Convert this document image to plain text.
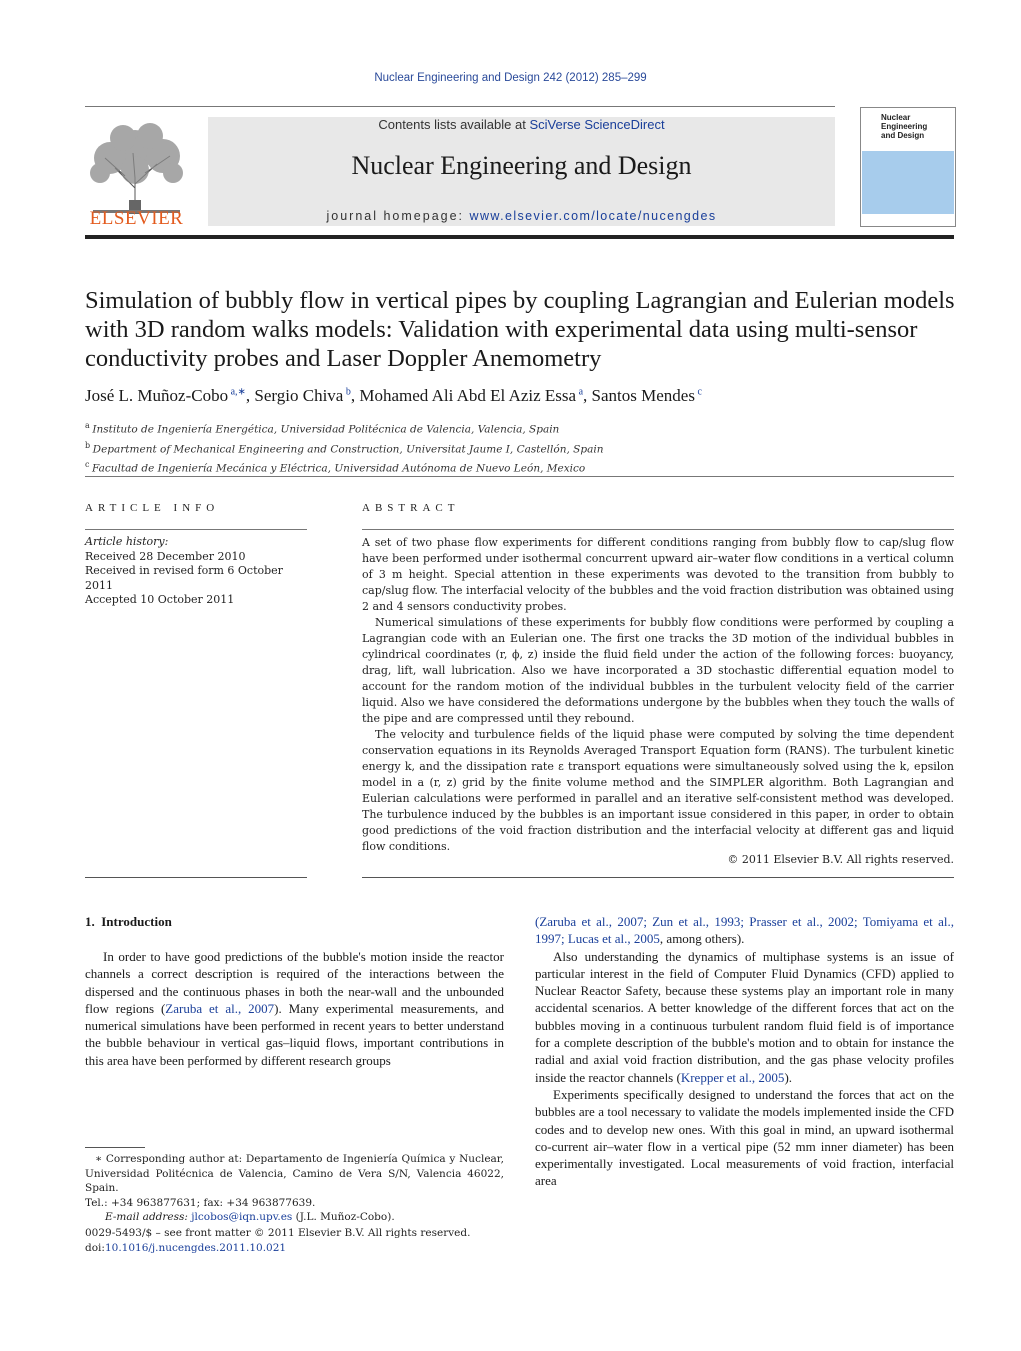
Nuclear Engineering and Design 242 (2012) 285–299
ELSEVIER
Contents lists available at SciVerse ScienceDirect
Nuclear Engineering and Design
journal homepage: www.elsevier.com/locate/nucengdes
Nuclear Engineering and Design
Simulation of bubbly flow in vertical pipes by coupling Lagrangian and Eulerian models with 3D random walks models: Validation with experimental data using multi-sensor conductivity probes and Laser Doppler Anemometry
José L. Muñoz-Cobo $^{a,∗}$, Sergio Chiva $^b$, Mohamed Ali Abd El Aziz Essa $^a$, Santos Mendes $^c$
$^a$ Instituto de Ingeniería Energética, Universidad Politécnica de Valencia, Valencia, Spain
$^b$ Department of Mechanical Engineering and Construction, Universitat Jaume I, Castellón, Spain
$^c$ Facultad de Ingeniería Mecánica y Eléctrica, Universidad Autónoma de Nuevo León, Mexico
ARTICLE INFO
Article history:
Received 28 December 2010
Received in revised form 6 October 2011
Accepted 10 October 2011
ABSTRACT

A set of two phase flow experiments for different conditions ranging from bubbly flow to cap/slug flow have been performed under isothermal concurrent upward air–water flow conditions in a vertical column of 3 m height. Special attention in these experiments was devoted to the transition from bubbly to cap/slug flow. The interfacial velocity of the bubbles and the void fraction distribution was obtained using 2 and 4 sensors conductivity probes.

Numerical simulations of these experiments for bubbly flow conditions were performed by coupling a Lagrangian code with an Eulerian one. The first one tracks the 3D motion of the individual bubbles in cylindrical coordinates (r, ϕ, z) inside the fluid field under the action of the following forces: buoyancy, drag, lift, wall lubrication. Also we have incorporated a 3D stochastic differential equation model to account for the random motion of the individual bubbles in the turbulent velocity field of the carrier liquid. Also we have considered the deformations undergone by the bubbles when they touch the walls of the pipe and are compressed until they rebound.

The velocity and turbulence fields of the liquid phase were computed by solving the time dependent conservation equations in its Reynolds Averaged Transport Equation form (RANS). The turbulent kinetic energy k, and the dissipation rate ε transport equations were simultaneously solved using the k, epsilon model in a (r, z) grid by the finite volume method and the SIMPLER algorithm. Both Lagrangian and Eulerian calculations were performed in parallel and an iterative self-consistent method was developed. The turbulence induced by the bubbles is an important issue considered in this paper, in order to obtain good predictions of the void fraction distribution and the interfacial velocity at different gas and liquid flow conditions.

© 2011 Elsevier B.V. All rights reserved.
1. Introduction

In order to have good predictions of the bubble's motion inside the reactor channels a correct description is required of the interactions between the dispersed and the continuous phases in both the near-wall and the unbounded flow regions (Zaruba et al., 2007). Many experimental measurements, and numerical simulations have been performed in recent years to better understand the bubble behaviour in vertical gas–liquid flows, important contributions in this area have been performed by different research groups

(Zaruba et al., 2007; Zun et al., 1993; Prasser et al., 2002; Tomiyama et al., 1997; Lucas et al., 2005, among others).

Also understanding the dynamics of multiphase systems is an issue of particular interest in the field of Computer Fluid Dynamics (CFD) applied to Nuclear Reactor Safety, because these systems play an important role in many accidental scenarios. A better knowledge of the different forces that act on the bubbles moving in a continuous turbulent random fluid field is of importance for a complete description of the bubble's motion and to obtain for instance the radial and axial void fraction distribution, and the gas phase velocity profiles inside the reactor channels (Krepper et al., 2005).

Experiments specifically designed to understand the forces that act on the bubbles are a tool necessary to validate the models implemented inside the CFD codes and to develop new ones. With this goal in mind, an upward isothermal co-current air–water flow in a vertical pipe (52 mm inner diameter) has been experimentally investigated. Local measurements of void fraction, interfacial area

∗ Corresponding author at: Departamento de Ingeniería Química y Nuclear, Universidad Politécnica de Valencia, Camino de Vera S/N, Valencia 46022, Spain.

Tel.: +34 963877631; fax: +34 963877639.

E-mail address: jlcobos@iqn.upv.es (J.L. Muñoz-Cobo).

0029-5493/$ – see front matter © 2011 Elsevier B.V. All rights reserved.
doi:10.1016/j.nucengdes.2011.10.021
